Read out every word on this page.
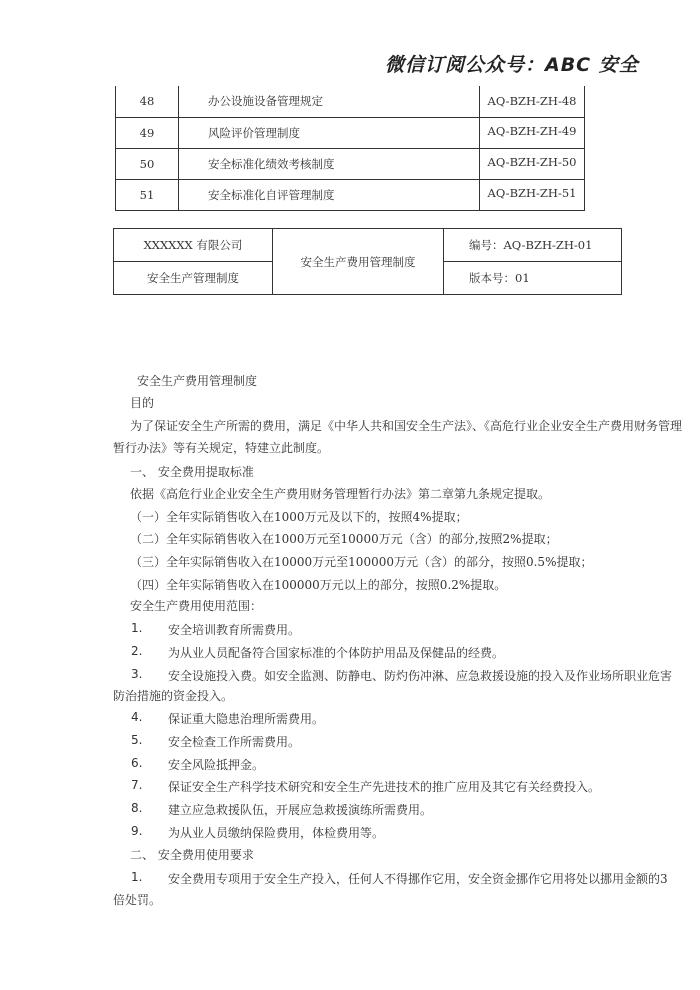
微信订阅公众号：ABC 安全
48	办公设施设备管理规定	AQ-BZH-ZH-48
49	风险评价管理制度	AQ-BZH-ZH-49
50	安全标准化绩效考核制度	AQ-BZH-ZH-50
51	安全标准化自评管理制度	AQ-BZH-ZH-51
XXXXXX 有限公司	安全生产费用管理制度	编号：AQ-BZH-ZH-01
安全生产管理制度		版本号：01
安全生产费用管理制度
目的
为了保证安全生产所需的费用，满足《中华人共和国安全生产法》、《高危行业企业安全生产费用财务管理
暂行办法》等有关规定，特建立此制度。
一、 安全费用提取标准
依据《高危行业企业安全生产费用财务管理暂行办法》第二章第九条规定提取。
（一）全年实际销售收入在1000万元及以下的，按照4%提取；
（二）全年实际销售收入在1000万元至10000万元（含）的部分,按照2%提取；
（三）全年实际销售收入在10000万元至100000万元（含）的部分，按照0.5%提取；
（四）全年实际销售收入在100000万元以上的部分，按照0.2%提取。
安全生产费用使用范围：
1. 安全培训教育所需费用。
2. 为从业人员配备符合国家标准的个体防护用品及保健品的经费。
3. 安全设施投入费。如安全监测、防静电、防灼伤冲淋、应急救援设施的投入及作业场所职业危害
防治措施的资金投入。
4. 保证重大隐患治理所需费用。
5. 安全检查工作所需费用。
6. 安全风险抵押金。
7. 保证安全生产科学技术研究和安全生产先进技术的推广应用及其它有关经费投入。
8. 建立应急救援队伍，开展应急救援演练所需费用。
9. 为从业人员缴纳保险费用，体检费用等。
二、 安全费用使用要求
1. 安全费用专项用于安全生产投入，任何人不得挪作它用，安全资金挪作它用将处以挪用金额的3
倍处罚。
